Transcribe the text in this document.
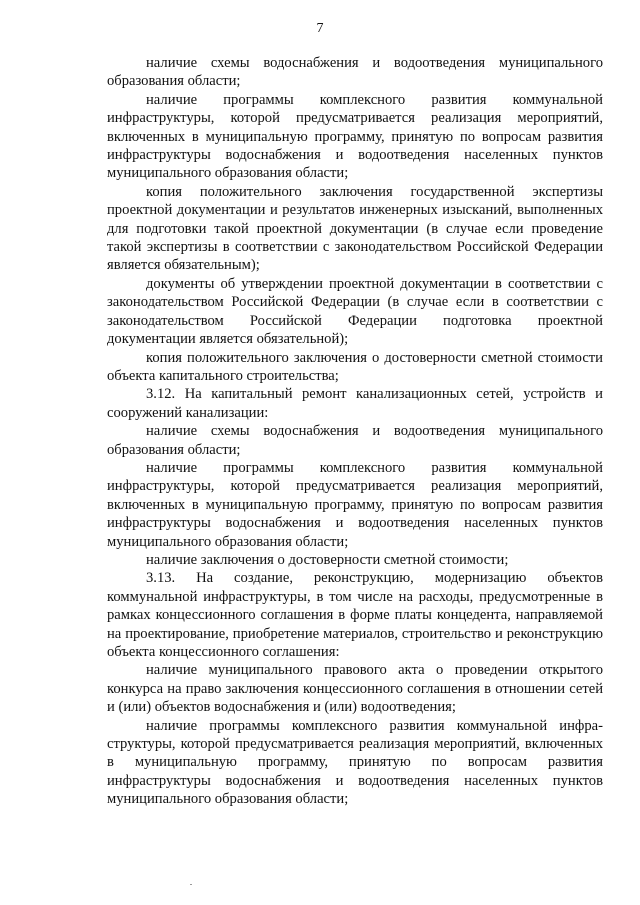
7

наличие схемы водоснабжения и водоотведения муниципального образования области;

наличие программы комплексного развития коммунальной инфраструктуры, которой предусматривается реализация мероприятий, включенных в муниципальную программу, принятую по вопросам развития инфраструктуры водоснабжения и водоотведения населенных пунктов муниципального образования области;

копия положительного заключения государственной экспертизы проектной документации и результатов инженерных изысканий, выполненных для подготовки такой проектной документации (в случае если проведение такой экспертизы в соответствии с законодательством Российской Федерации является обязательным);

документы об утверждении проектной документации в соответствии с законодательством Российской Федерации (в случае если в соответствии с законодательством Российской Федерации подготовка проектной документации является обязательной);

копия положительного заключения о достоверности сметной стоимости объекта капитального строительства;

3.12. На капитальный ремонт канализационных сетей, устройств и сооружений канализации:

наличие схемы водоснабжения и водоотведения муниципального образования области;

наличие программы комплексного развития коммунальной инфраструктуры, которой предусматривается реализация мероприятий, включенных в муниципальную программу, принятую по вопросам развития инфраструктуры водоснабжения и водоотведения населенных пунктов муниципального образования области;

наличие заключения о достоверности сметной стоимости;

3.13. На создание, реконструкцию, модернизацию объектов коммунальной инфраструктуры, в том числе на расходы, предусмотренные в рамках концессионного соглашения в форме платы концедента, направляемой на проектирование, приобретение материалов, строительство и реконструкцию объекта концессионного соглашения:

наличие муниципального правового акта о проведении открытого конкурса на право заключения концессионного соглашения в отношении сетей и (или) объектов водоснабжения и (или) водоотведения;

наличие программы комплексного развития коммунальной инфра-структуры, которой предусматривается реализация мероприятий, включенных в муниципальную программу, принятую по вопросам развития инфраструктуры водоснабжения и водоотведения населенных пунктов муниципального образования области;
